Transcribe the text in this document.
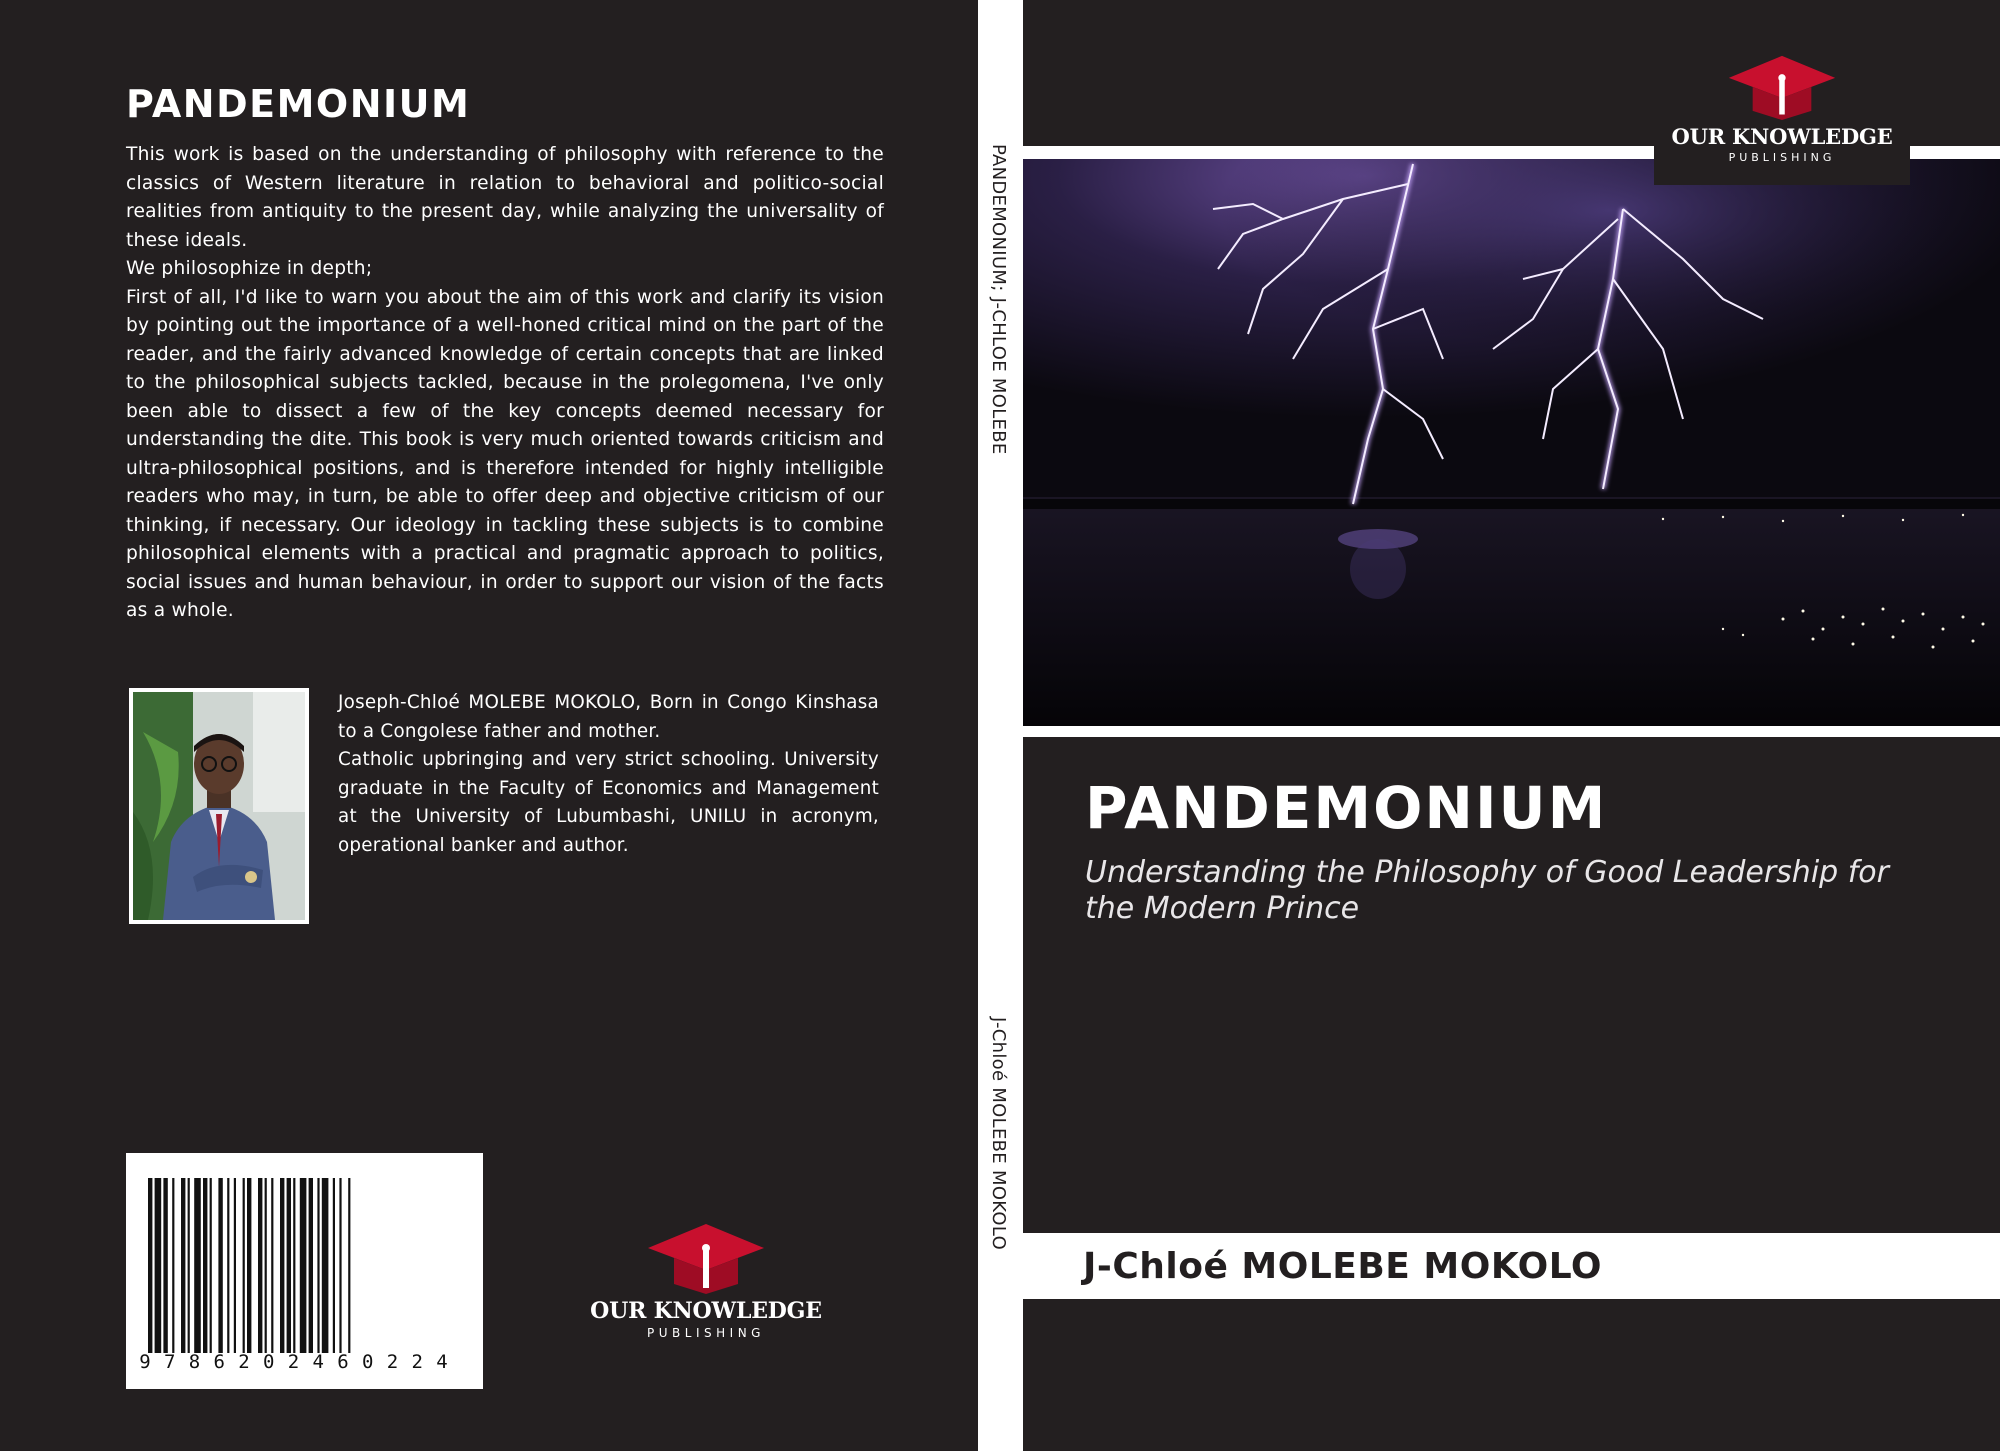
PANDEMONIUM

This work is based on the understanding of philosophy with reference to the classics of Western literature in relation to behavioral and politico-social realities from antiquity to the present day, while analyzing the universality of these ideals.

We philosophize in depth;

First of all, I'd like to warn you about the aim of this work and clarify its vision by pointing out the importance of a well-honed critical mind on the part of the reader, and the fairly advanced knowledge of certain concepts that are linked to the philosophical subjects tackled, because in the prolegomena, I've only been able to dissect a few of the key concepts deemed necessary for understanding the dite. This book is very much oriented towards criticism and ultra-philosophical positions, and is therefore intended for highly intelligible readers who may, in turn, be able to offer deep and objective criticism of our thinking, if necessary. Our ideology in tackling these subjects is to combine philosophical elements with a practical and pragmatic approach to politics, social issues and human behaviour, in order to support our vision of the facts as a whole.

Joseph-Chloé MOLEBE MOKOLO, Born in Congo Kinshasa to a Congolese father and mother.

Catholic upbringing and very strict schooling. University graduate in the Faculty of Economics and Management at the University of Lubumbashi, UNILU in acronym, operational banker and author.

9 7 8 6 2 0 2 4 6 0 2 2 4
OUR KNOWLEDGE
PUBLISHING
PANDEMONIUM; J-CHLOE MOLEBE
J-Chloé MOLEBE MOKOLO
OUR KNOWLEDGE
PUBLISHING
PANDEMONIUM
Understanding the Philosophy of Good Leadership for the Modern Prince
J-Chloé MOLEBE MOKOLO
